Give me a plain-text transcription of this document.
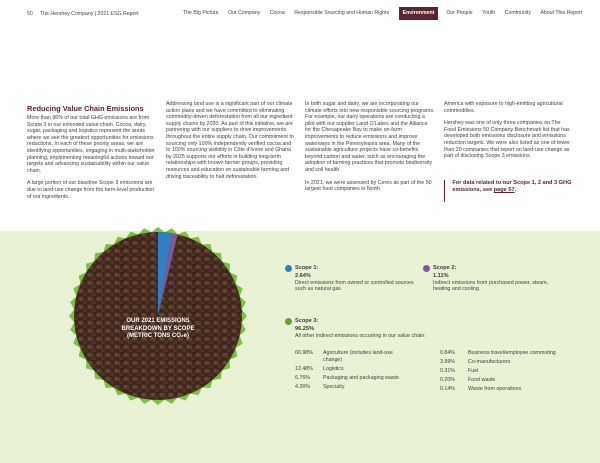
50 The Hershey Company | 2021 ESG Report	The Big Picture Our Company Cocoa Responsible Sourcing and Human Rights	Environment	Our People Youth Community About This Report
Reducing Value Chain Emissions

More than 96% of our total GHG emissions are from Scope 3 in our extended value chain. Cocoa, dairy, sugar, packaging and logistics represent the areas where we see the greatest opportunities for emissions reductions. In each of these priority areas, we are identifying opportunities, engaging in multi-stakeholder planning, implementing meaningful actions toward our targets and advancing sustainability within our value chain.

A large portion of our baseline Scope 3 emissions are due to land-use change from the farm-level production of our ingredients.

Addressing land use is a significant part of our climate action plans and we have committed to eliminating commodity-driven deforestation from all our ingredient supply chains by 2030. As part of this initiative, we are partnering with our suppliers to drive improvements throughout the entire supply chain. Our commitment to sourcing only 100% independently verified cocoa and to 100% sourcing visibility in Côte d'Ivoire and Ghana by 2025 supports our efforts in building long-term relationships with known farmer groups, providing resources and education on sustainable farming and driving traceability to halt deforestation.

In both sugar and dairy, we are incorporating our climate efforts into new responsible sourcing programs. For example, our dairy operations are conducting a pilot with our supplier Land O'Lakes and the Alliance for the Chesapeake Bay to make on-farm improvements to reduce emissions and improve waterways in the Pennsylvania area. Many of the sustainable agriculture projects have co-benefits beyond carbon and water, such as encouraging the adoption of farming practices that promote biodiversity and soil health.

In 2021, we were assessed by Ceres as part of the 50 largest food companies in North

America with exposure to high-emitting agricultural commodities.

Hershey was one of only three companies on The Food Emissions 50 Company Benchmark list that has developed both emissions disclosure and emissions reduction targets. We were also listed as one of fewer than 20 companies that report on land-use change as part of disclosing Scope 3 emissions.

For data related to our Scope 1, 2 and 3 GHG emissions, see page 57.
OUR 2021 EMISSIONS
BREAKDOWN BY SCOPE
(METRIC TONS CO₂e)
Scope 1:
2.64%
Direct emissions from owned or controlled sources such as natural gas
Scope 2:
1.11%
Indirect emissions from purchased power, steam, heating and cooling
Scope 3:
96.25%
All other indirect emissions occurring in our value chain:
66.98%	Agriculture (includes land-use change)
12.48%	Logistics
6.76%	Packaging and packaging waste
4.36%	Specialty
0.84%	Business travel/employee commuting
3.99%	Co-manufacturers
0.31%	Fuel
0.20%	Food waste
0.14%	Waste from operations
